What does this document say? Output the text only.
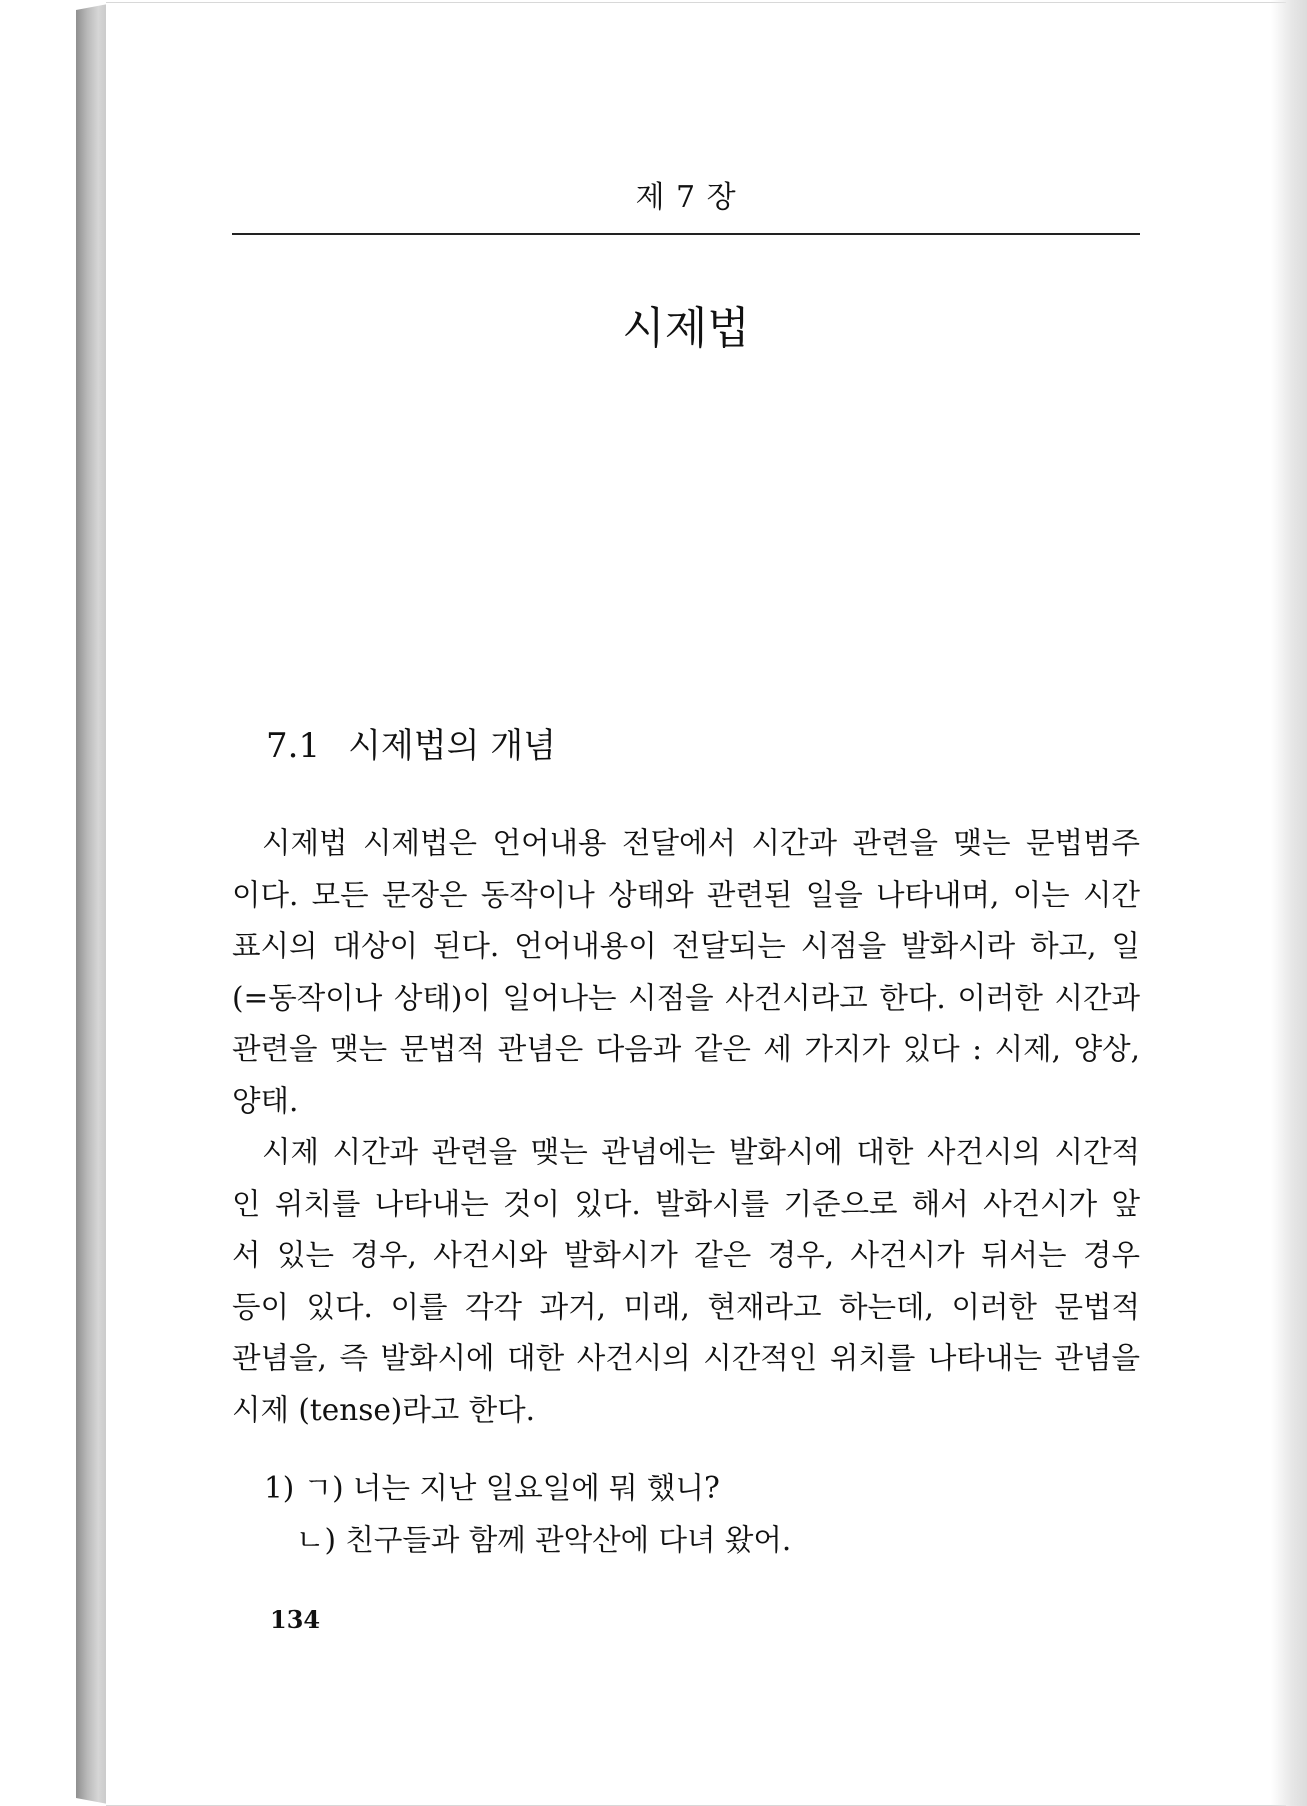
제 7 장
시제법
7.1 시제법의 개념
시제법 시제법은 언어내용 전달에서 시간과 관련을 맺는 문법범주
이다. 모든 문장은 동작이나 상태와 관련된 일을 나타내며, 이는 시간
표시의 대상이 된다. 언어내용이 전달되는 시점을 발화시라 하고, 일
(=동작이나 상태)이 일어나는 시점을 사건시라고 한다. 이러한 시간과
관련을 맺는 문법적 관념은 다음과 같은 세 가지가 있다 : 시제, 양상,
양태.
시제 시간과 관련을 맺는 관념에는 발화시에 대한 사건시의 시간적
인 위치를 나타내는 것이 있다. 발화시를 기준으로 해서 사건시가 앞
서 있는 경우, 사건시와 발화시가 같은 경우, 사건시가 뒤서는 경우
등이 있다. 이를 각각 과거, 미래, 현재라고 하는데, 이러한 문법적
관념을, 즉 발화시에 대한 사건시의 시간적인 위치를 나타내는 관념을
시제 (tense)라고 한다.
1) ㄱ) 너는 지난 일요일에 뭐 했니?
ㄴ) 친구들과 함께 관악산에 다녀 왔어.
134
